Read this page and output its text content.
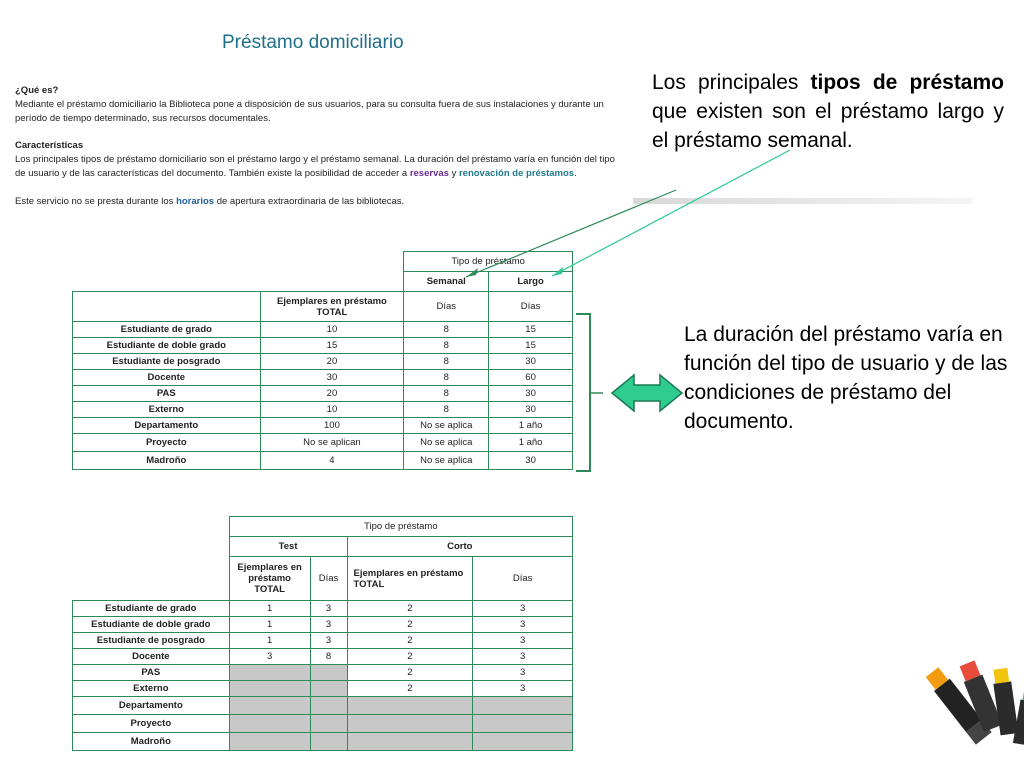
Préstamo domiciliario
¿Qué es?
Mediante el préstamo domiciliario la Biblioteca pone a disposición de sus usuarios, para su consulta fuera de sus instalaciones y durante un
período de tiempo determinado, sus recursos documentales.
Características
Los principales tipos de préstamo domiciliario son el préstamo largo y el préstamo semanal. La duración del préstamo varía en función del tipo
de usuario y de las características del documento. También existe la posibilidad de acceder a reservas y renovación de préstamos.
Este servicio no se presta durante los horarios de apertura extraordinaria de las bibliotecas.
Los principales tipos de préstamo que existen son el préstamo largo y el préstamo semanal.
La duración del préstamo varía en función del tipo de usuario y de las condiciones de préstamo del documento.
		Tipo de préstamo	
		Semanal	Largo
	Ejemplares en préstamo TOTAL	Días	Días
Estudiante de grado	10	8	15
Estudiante de doble grado	15	8	15
Estudiante de posgrado	20	8	30
Docente	30	8	60
PAS	20	8	30
Externo	10	8	30
Departamento	100	No se aplica	1 año
Proyecto	No se aplican	No se aplica	1 año
Madroño	4	No se aplica	30
	Tipo de préstamo			
	Test		Corto	
	Ejemplares en préstamo TOTAL	Días	Ejemplares en préstamo TOTAL	Días
Estudiante de grado	1	3	2	3
Estudiante de doble grado	1	3	2	3
Estudiante de posgrado	1	3	2	3
Docente	3	8	2	3
PAS			2	3
Externo			2	3
Departamento				
Proyecto				
Madroño				
